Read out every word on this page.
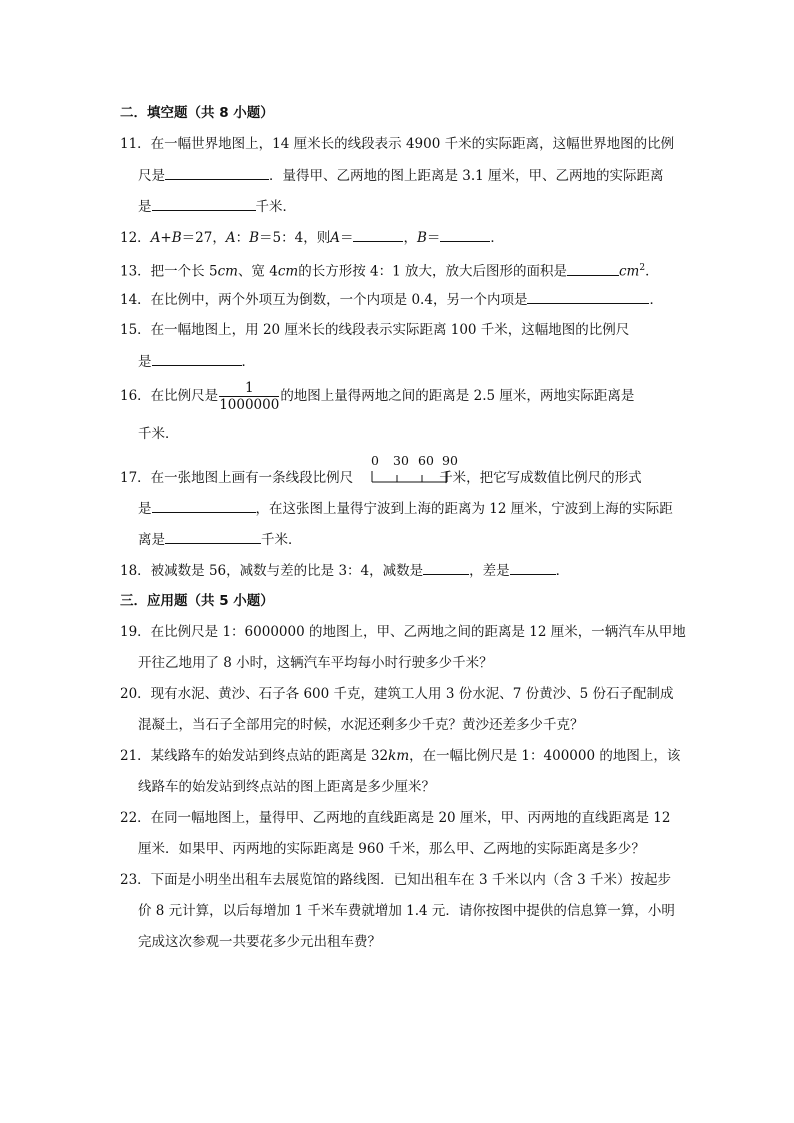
二．填空题（共 8 小题）
11．在一幅世界地图上，14 厘米长的线段表示 4900 千米的实际距离，这幅世界地图的比例
尺是	．量得甲、乙两地的图上距离是 3.1 厘米，甲、乙两地的实际距离
是	千米．
12．A+B＝27，A：B＝5：4，则A＝	，B＝	．
13．把一个长 5cm、宽 4cm的长方形按 4：1 放大，放大后图形的面积是	$cm^2$．
14．在比例中，两个外项互为倒数，一个内项是 0.4，另一个内项是	．
15．在一幅地图上，用 20 厘米长的线段表示实际距离 100 千米，这幅地图的比例尺
是	．
16．在比例尺是 $\frac{1}{1000000}$ 的地图上量得两地之间的距离是 2.5 厘米，两地实际距离是
千米．
0 30 60 90
17．在一张地图上画有一条线段比例尺	千米，把它写成数值比例尺的形式
是	，在这张图上量得宁波到上海的距离为 12 厘米，宁波到上海的实际距
离是	千米．
18．被减数是 56，减数与差的比是 3：4，减数是	，差是	．
三．应用题（共 5 小题）
19．在比例尺是 1：6000000 的地图上，甲、乙两地之间的距离是 12 厘米，一辆汽车从甲地
开往乙地用了 8 小时，这辆汽车平均每小时行驶多少千米？
20．现有水泥、黄沙、石子各 600 千克，建筑工人用 3 份水泥、7 份黄沙、5 份石子配制成
混凝土，当石子全部用完的时候，水泥还剩多少千克？黄沙还差多少千克？
21．某线路车的始发站到终点站的距离是 32km，在一幅比例尺是 1：400000 的地图上，该
线路车的始发站到终点站的图上距离是多少厘米？
22．在同一幅地图上，量得甲、乙两地的直线距离是 20 厘米，甲、丙两地的直线距离是 12
厘米．如果甲、丙两地的实际距离是 960 千米，那么甲、乙两地的实际距离是多少？
23．下面是小明坐出租车去展览馆的路线图．已知出租车在 3 千米以内（含 3 千米）按起步
价 8 元计算，以后每增加 1 千米车费就增加 1.4 元．请你按图中提供的信息算一算，小明
完成这次参观一共要花多少元出租车费？
